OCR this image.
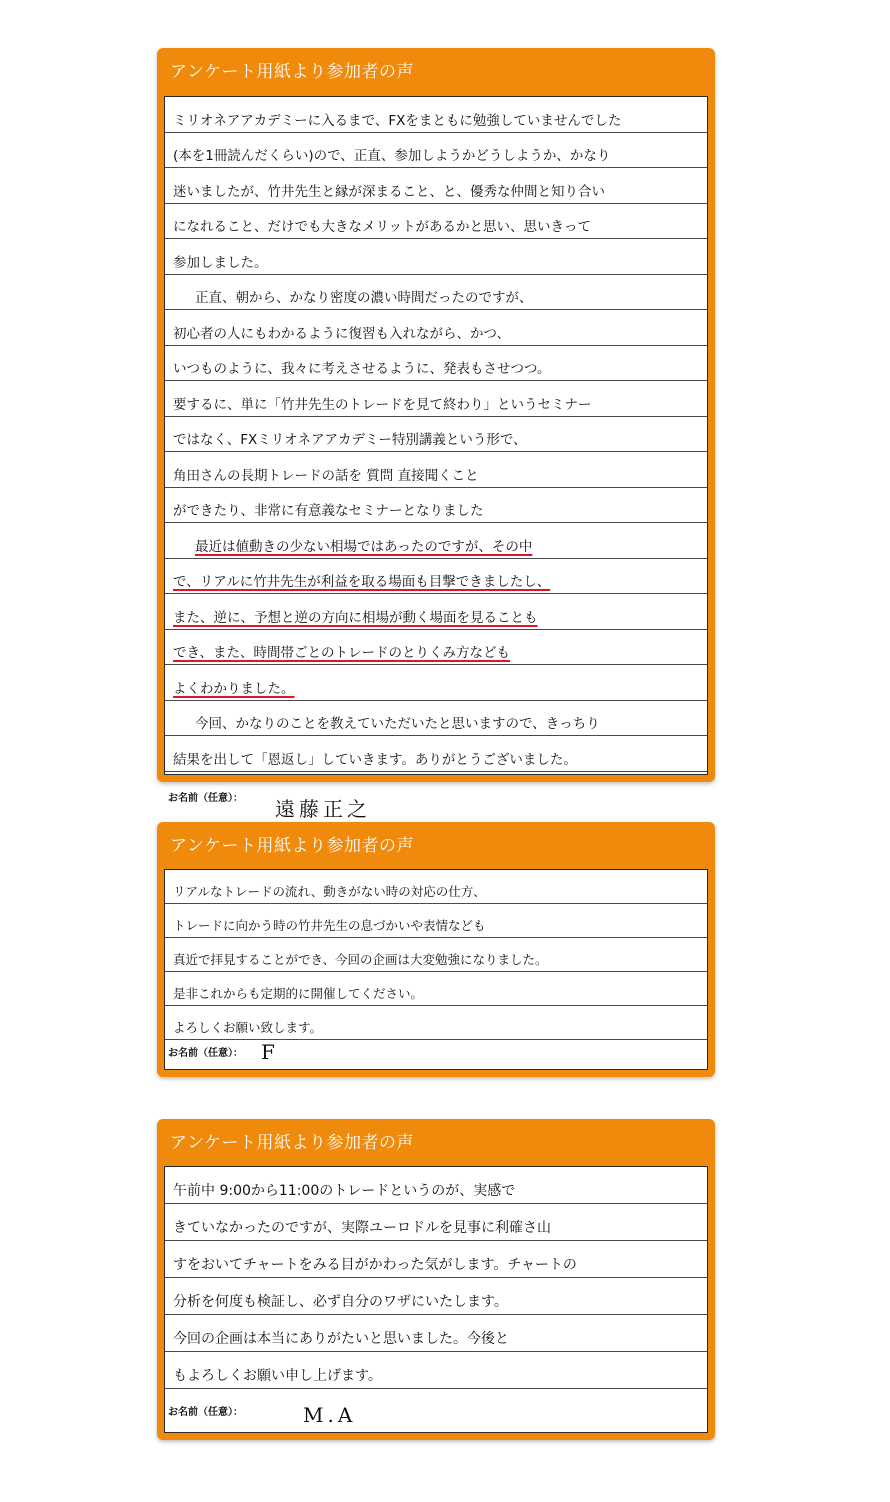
アンケート用紙より参加者の声
ミリオネアアカデミーに入るまで、FXをまともに勉強していませんでした
(本を1冊読んだくらい)ので、正直、参加しようかどうしようか、かなり
迷いましたが、竹井先生と縁が深まること、と、優秀な仲間と知り合い
になれること、だけでも大きなメリットがあるかと思い、思いきって
参加しました。
正直、朝から、かなり密度の濃い時間だったのですが、
初心者の人にもわかるように復習も入れながら、かつ、
いつものように、我々に考えさせるように、発表もさせつつ。
要するに、単に「竹井先生のトレードを見て終わり」というセミナー
ではなく、FXミリオネアアカデミー特別講義という形で、
角田さんの長期トレードの話を 質問 直接聞くこと
ができたり、非常に有意義なセミナーとなりました
最近は値動きの少ない相場ではあったのですが、その中
で、リアルに竹井先生が利益を取る場面も目撃できましたし、
また、逆に、予想と逆の方向に相場が動く場面を見ることも
でき、また、時間帯ごとのトレードのとりくみ方なども
よくわかりました。
今回、かなりのことを教えていただいたと思いますので、きっちり
結果を出して「恩返し」していきます。ありがとうございました。
お名前（任意）： 遠藤正之
アンケート用紙より参加者の声
リアルなトレードの流れ、動きがない時の対応の仕方、
トレードに向かう時の竹井先生の息づかいや表情なども
真近で拝見することができ、今回の企画は大変勉強になりました。
是非これからも定期的に開催してください。
よろしくお願い致します。
お名前（任意）： F
アンケート用紙より参加者の声
午前中 9:00から11:00のトレードというのが、実感で
きていなかったのですが、実際ユーロドルを見事に利確さ山
すをおいてチャートをみる目がかわった気がします。チャートの
分析を何度も検証し、必ず自分のワザにいたします。
今回の企画は本当にありがたいと思いました。今後と
もよろしくお願い申し上げます。
お名前（任意）：	M.A
